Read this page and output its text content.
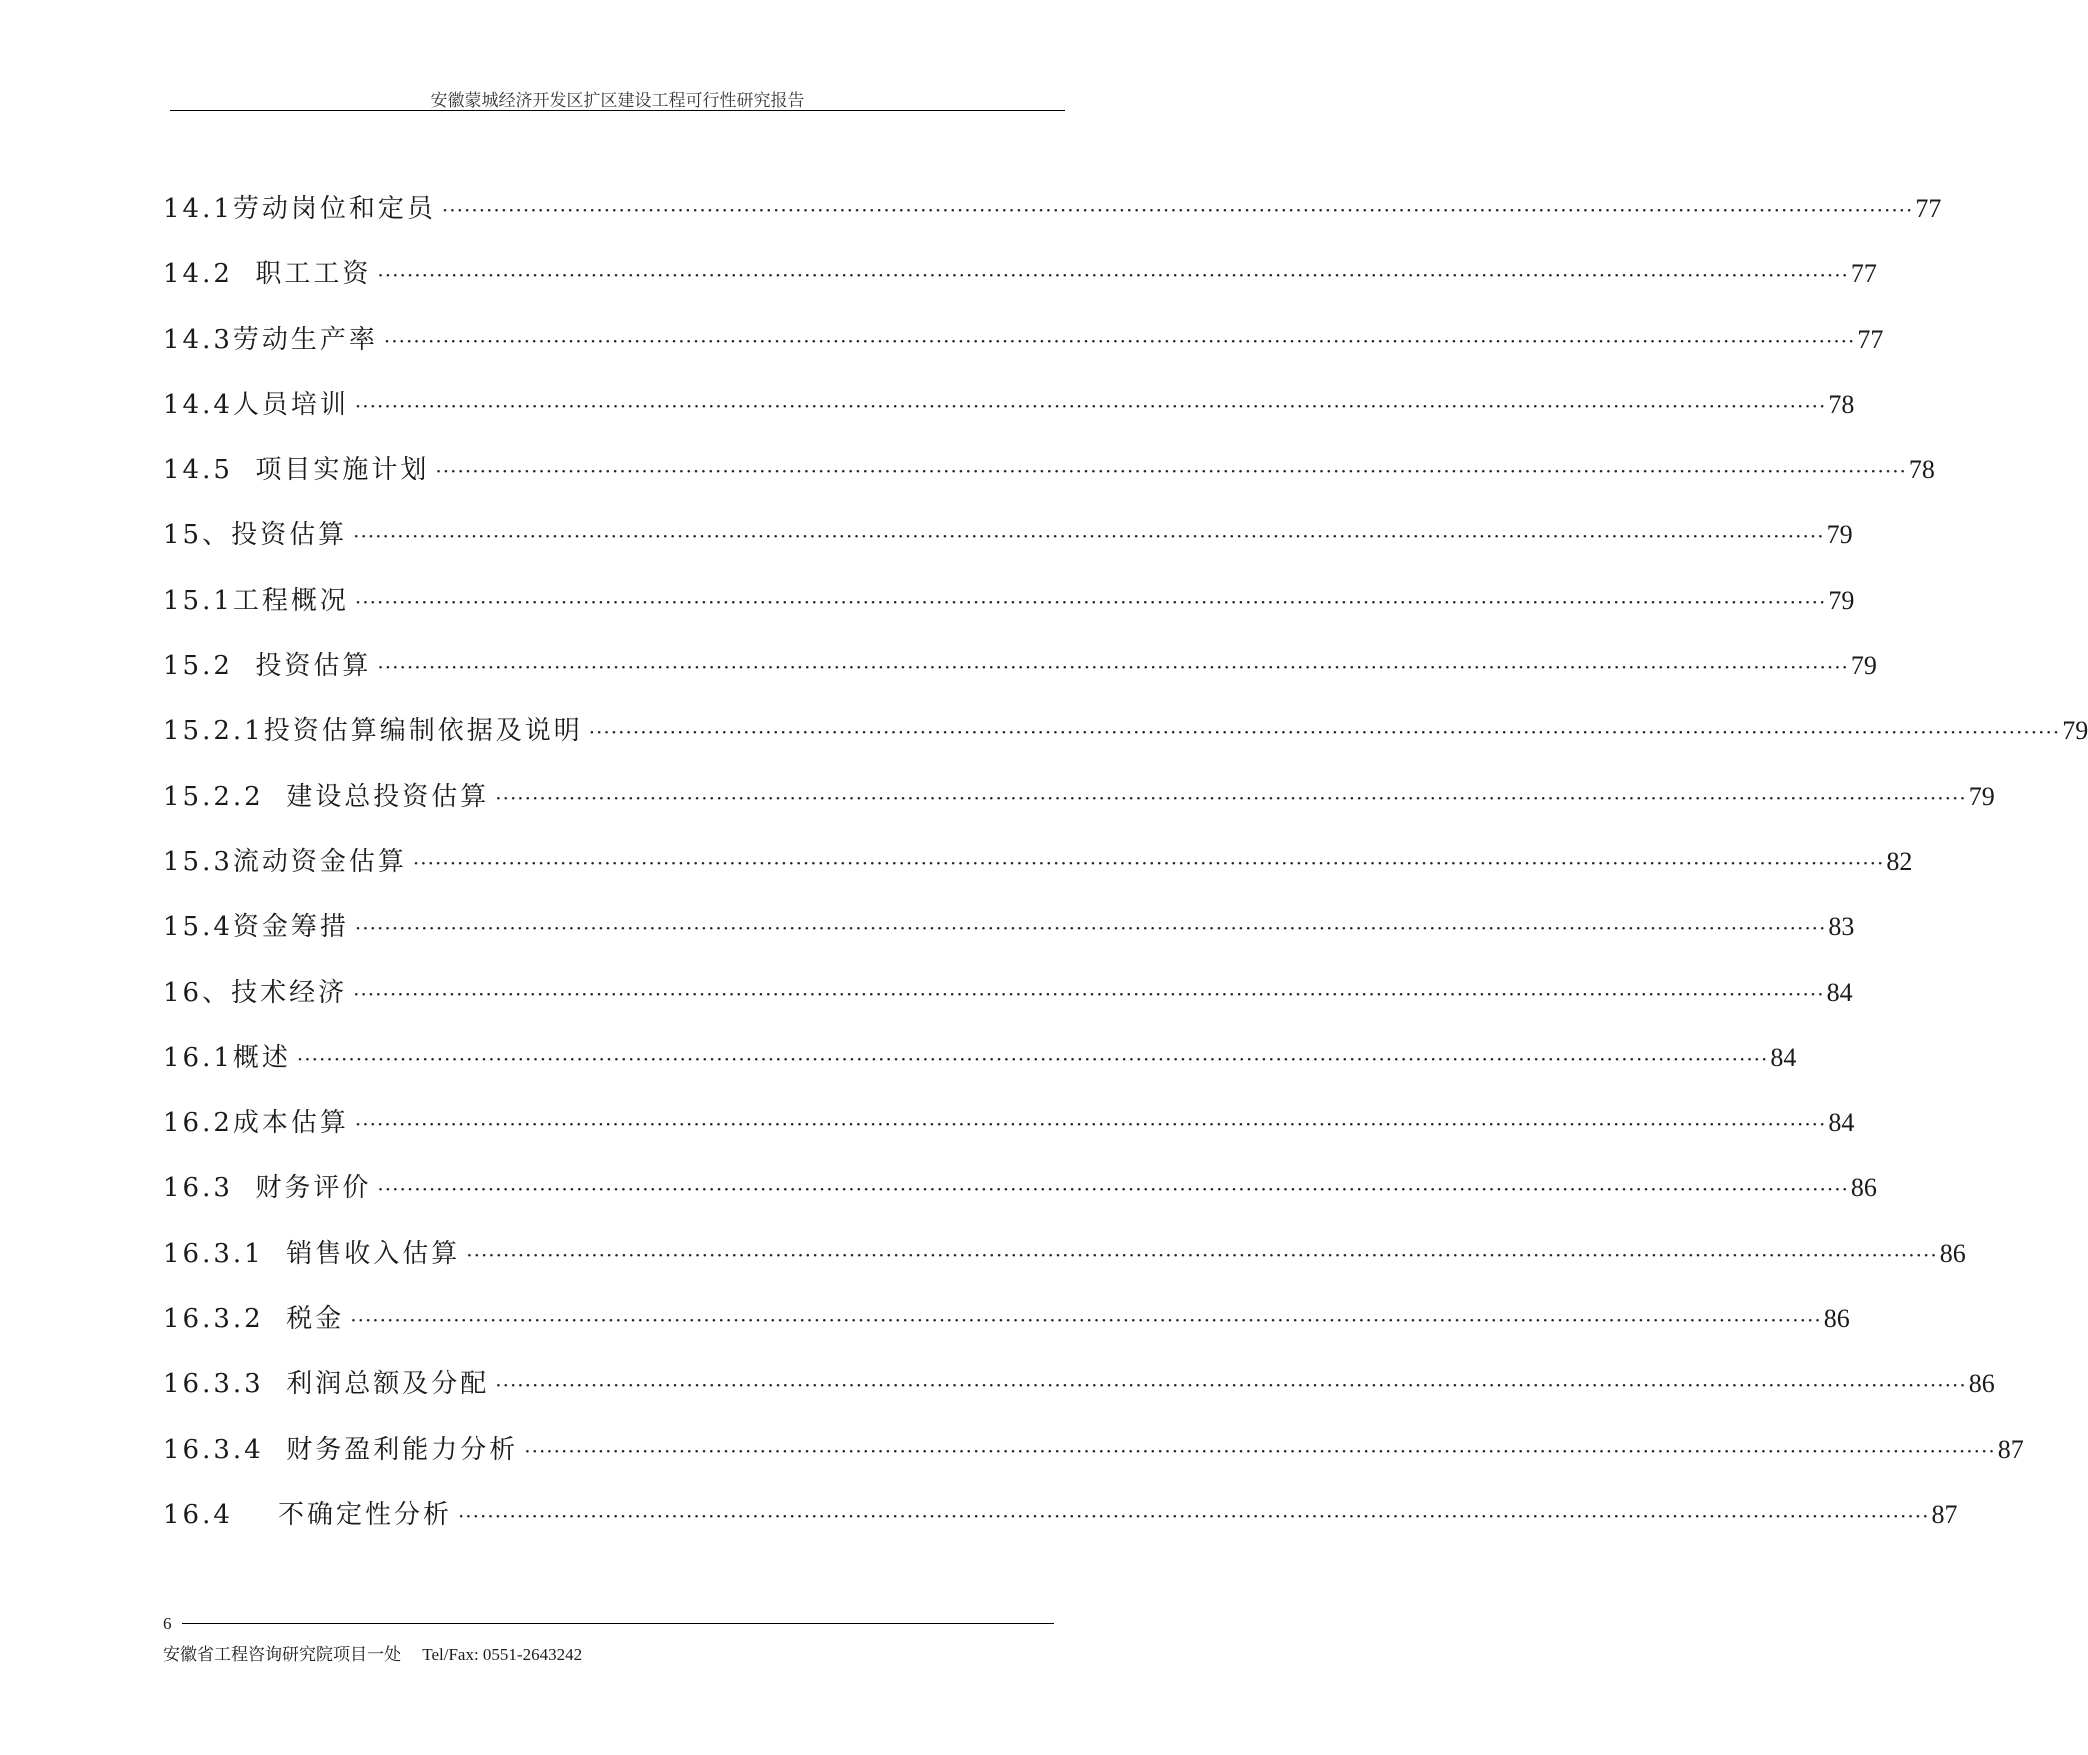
安徽蒙城经济开发区扩区建设工程可行性研究报告
14.1劳动岗位和定员 ········································································································································································································ 77
14.2  职工工资 ········································································································································································································ 77
14.3劳动生产率 ········································································································································································································ 77
14.4人员培训 ········································································································································································································ 78
14.5  项目实施计划 ········································································································································································································ 78
15、投资估算 ········································································································································································································ 79
15.1工程概况 ········································································································································································································ 79
15.2  投资估算 ········································································································································································································ 79
15.2.1投资估算编制依据及说明 ········································································································································································································ 79
15.2.2  建设总投资估算 ········································································································································································································ 79
15.3流动资金估算 ········································································································································································································ 82
15.4资金筹措 ········································································································································································································ 83
16、技术经济 ········································································································································································································ 84
16.1概述 ········································································································································································································ 84
16.2成本估算 ········································································································································································································ 84
16.3  财务评价 ········································································································································································································ 86
16.3.1  销售收入估算 ········································································································································································································ 86
16.3.2  税金 ········································································································································································································ 86
16.3.3  利润总额及分配 ········································································································································································································ 86
16.3.4  财务盈利能力分析 ········································································································································································································ 87
16.4    不确定性分析 ········································································································································································································ 87
6
安徽省工程咨询研究院项目一处     Tel/Fax: 0551-2643242
